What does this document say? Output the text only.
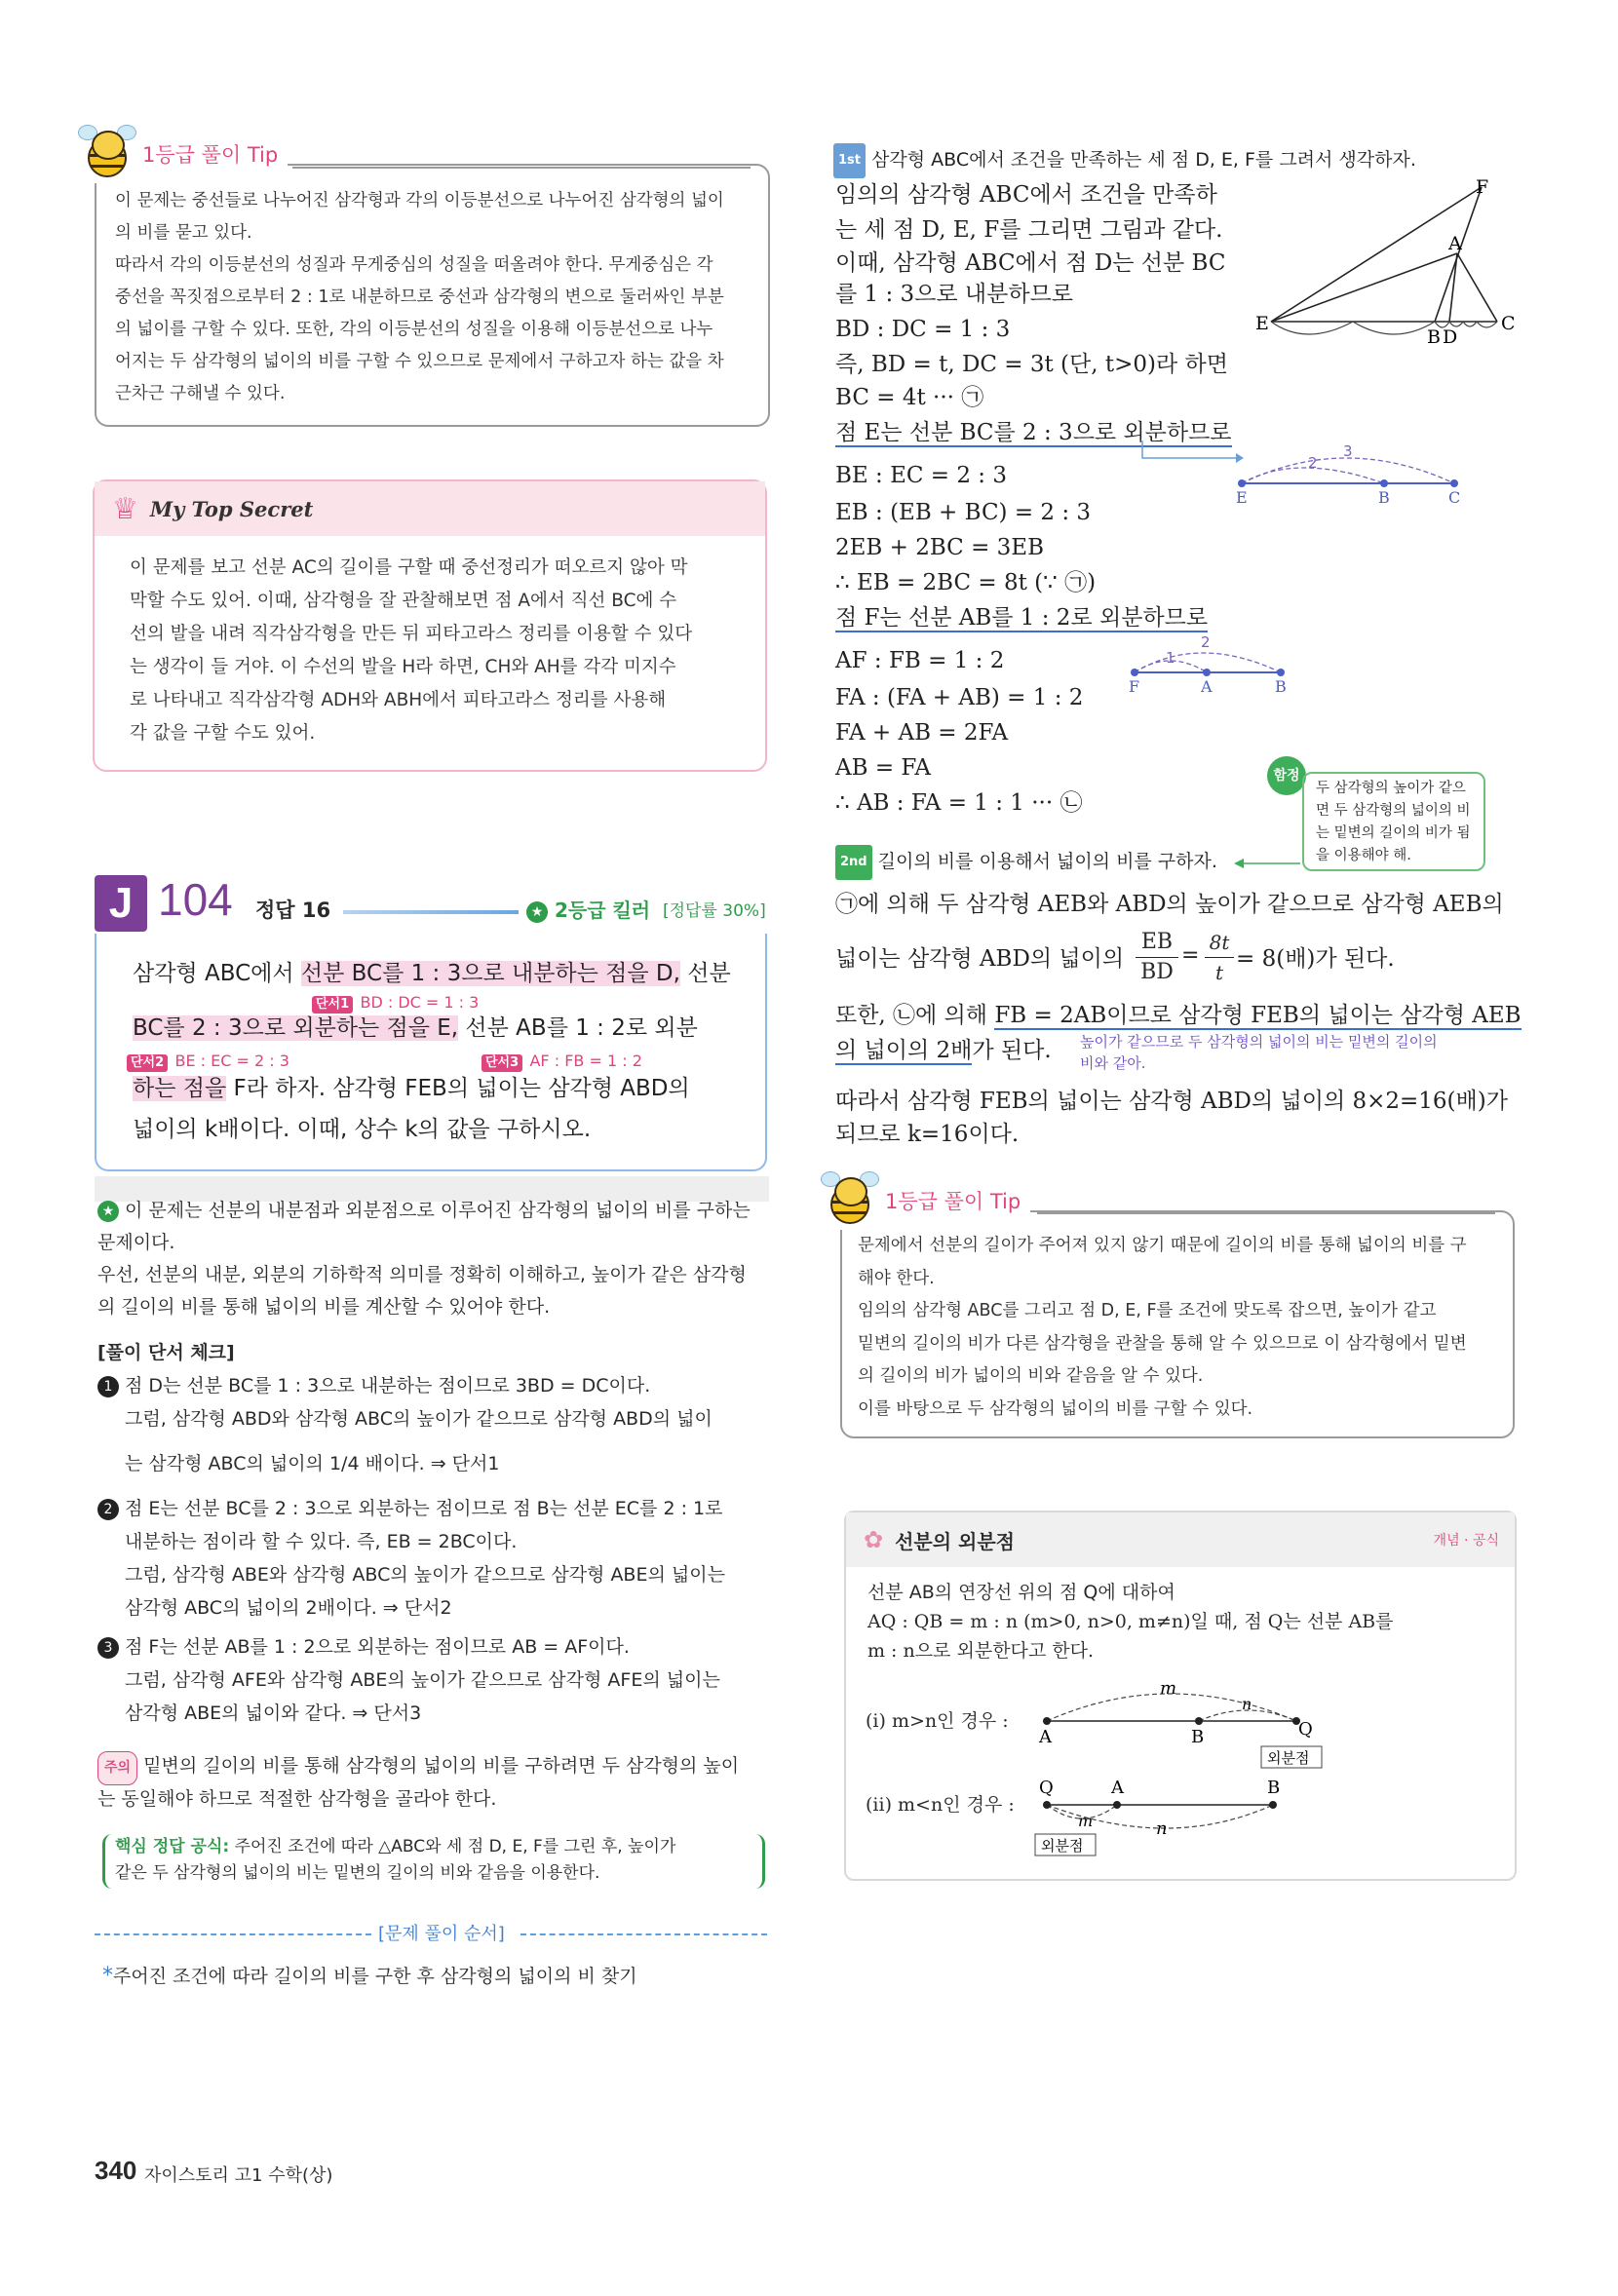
1등급 풀이 Tip
이 문제는 중선들로 나누어진 삼각형과 각의 이등분선으로 나누어진 삼각형의 넓이
의 비를 묻고 있다.
따라서 각의 이등분선의 성질과 무게중심의 성질을 떠올려야 한다. 무게중심은 각
중선을 꼭짓점으로부터 2 : 1로 내분하므로 중선과 삼각형의 변으로 둘러싸인 부분
의 넓이를 구할 수 있다. 또한, 각의 이등분선의 성질을 이용해 이등분선으로 나누
어지는 두 삼각형의 넓이의 비를 구할 수 있으므로 문제에서 구하고자 하는 값을 차
근차근 구해낼 수 있다.
♕ My Top Secret
이 문제를 보고 선분 AC의 길이를 구할 때 중선정리가 떠오르지 않아 막
막할 수도 있어. 이때, 삼각형을 잘 관찰해보면 점 A에서 직선 BC에 수
선의 발을 내려 직각삼각형을 만든 뒤 피타고라스 정리를 이용할 수 있다
는 생각이 들 거야. 이 수선의 발을 H라 하면, CH와 AH를 각각 미지수
로 나타내고 직각삼각형 ADH와 ABH에서 피타고라스 정리를 사용해
각 값을 구할 수도 있어.
J 104 정답 16	★ 2등급 킬러 [정답률 30%]
삼각형 ABC에서 선분 BC를 1 : 3으로 내분하는 점을 D, 선분
단서1 BD : DC = 1 : 3
BC를 2 : 3으로 외분하는 점을 E, 선분 AB를 1 : 2로 외분
단서2 BE : EC = 2 : 3	단서3 AF : FB = 1 : 2
하는 점을 F라 하자. 삼각형 FEB의 넓이는 삼각형 ABD의
넓이의 k배이다. 이때, 상수 k의 값을 구하시오.
★ 이 문제는 선분의 내분점과 외분점으로 이루어진 삼각형의 넓이의 비를 구하는
문제이다.
우선, 선분의 내분, 외분의 기하학적 의미를 정확히 이해하고, 높이가 같은 삼각형
의 길이의 비를 통해 넓이의 비를 계산할 수 있어야 한다.
[풀이 단서 체크]
1 점 D는 선분 BC를 1 : 3으로 내분하는 점이므로 3BD = DC이다.
그럼, 삼각형 ABD와 삼각형 ABC의 높이가 같으므로 삼각형 ABD의 넓이
는 삼각형 ABC의 넓이의 1/4 배이다. ⇒ 단서1
2 점 E는 선분 BC를 2 : 3으로 외분하는 점이므로 점 B는 선분 EC를 2 : 1로
내분하는 점이라 할 수 있다. 즉, EB = 2BC이다.
그럼, 삼각형 ABE와 삼각형 ABC의 높이가 같으므로 삼각형 ABE의 넓이는
삼각형 ABC의 넓이의 2배이다. ⇒ 단서2
3 점 F는 선분 AB를 1 : 2으로 외분하는 점이므로 AB = AF이다.
그럼, 삼각형 AFE와 삼각형 ABE의 높이가 같으므로 삼각형 AFE의 넓이는
삼각형 ABE의 넓이와 같다. ⇒ 단서3
주의 밑변의 길이의 비를 통해 삼각형의 넓이의 비를 구하려면 두 삼각형의 높이
는 동일해야 하므로 적절한 삼각형을 골라야 한다.
핵심 정답 공식: 주어진 조건에 따라 △ABC와 세 점 D, E, F를 그린 후, 높이가
같은 두 삼각형의 넓이의 비는 밑변의 길이의 비와 같음을 이용한다.
[문제 풀이 순서]
*주어진 조건에 따라 길이의 비를 구한 후 삼각형의 넓이의 비 찾기
340 자이스토리 고1 수학(상)
1st 삼각형 ABC에서 조건을 만족하는 세 점 D, E, F를 그려서 생각하자.
임의의 삼각형 ABC에서 조건을 만족하
는 세 점 D, E, F를 그리면 그림과 같다.
이때, 삼각형 ABC에서 점 D는 선분 BC
를 1 : 3으로 내분하므로
BD : DC = 1 : 3
즉, BD = t, DC = 3t (단, t>0)라 하면
BC = 4t ··· ㉠
점 E는 선분 BC를 2 : 3으로 외분하므로
BE : EC = 2 : 3
EB : (EB + BC) = 2 : 3
2EB + 2BC = 3EB
∴ EB = 2BC = 8t (∵ ㉠)
점 F는 선분 AB를 1 : 2로 외분하므로
AF : FB = 1 : 2
FA : (FA + AB) = 1 : 2
FA + AB = 2FA
AB = FA
∴ AB : FA = 1 : 1 ··· ㉡
F
A
E
B D
C
3
2
E	B	C
2
1
F	A	B
함정
두 삼각형의 높이가 같으
면 두 삼각형의 넓이의 비
는 밑변의 길이의 비가 됨
을 이용해야 해.
2nd 길이의 비를 이용해서 넓이의 비를 구하자.
㉠에 의해 두 삼각형 AEB와 ABD의 높이가 같으므로 삼각형 AEB의
넓이는 삼각형 ABD의 넓이의
EB
BD
=
8t
t
= 8(배)가 된다.
또한, ㉡에 의해 FB = 2AB이므로 삼각형 FEB의 넓이는 삼각형 AEB
의 넓이의 2배가 된다. 높이가 같으므로 두 삼각형의 넓이의 비는 밑변의 길이의
비와 같아.
따라서 삼각형 FEB의 넓이는 삼각형 ABD의 넓이의 8×2=16(배)가
되므로 k=16이다.
1등급 풀이 Tip
문제에서 선분의 길이가 주어져 있지 않기 때문에 길이의 비를 통해 넓이의 비를 구
해야 한다.
임의의 삼각형 ABC를 그리고 점 D, E, F를 조건에 맞도록 잡으면, 높이가 같고
밑변의 길이의 비가 다른 삼각형을 관찰을 통해 알 수 있으므로 이 삼각형에서 밑변
의 길이의 비가 넓이의 비와 같음을 알 수 있다.
이를 바탕으로 두 삼각형의 넓이의 비를 구할 수 있다.
✿ 선분의 외분점	개념 · 공식
선분 AB의 연장선 위의 점 Q에 대하여
AQ : QB = m : n (m>0, n>0, m≠n)일 때, 점 Q는 선분 AB를
m : n으로 외분한다고 한다.
(i) m>n인 경우 :
m
n
A	B	Q
외분점
(ii) m<n인 경우 :
Q	A	B
m	n
외분점
